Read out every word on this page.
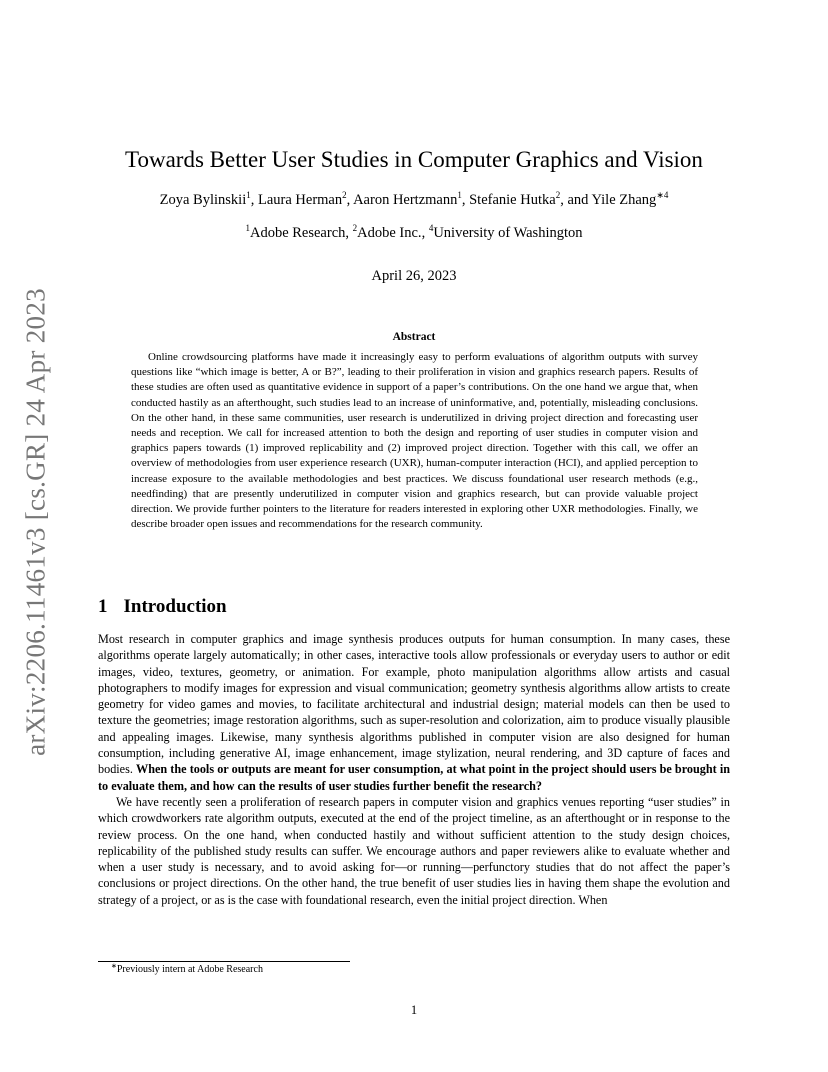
arXiv:2206.11461v3 [cs.GR] 24 Apr 2023
Towards Better User Studies in Computer Graphics and Vision
Zoya Bylinskii$^1$, Laura Herman$^2$, Aaron Hertzmann$^1$, Stefanie Hutka$^2$, and Yile Zhang$^{∗4}$
$^1$Adobe Research, $^2$Adobe Inc., $^4$University of Washington
April 26, 2023
Abstract

Online crowdsourcing platforms have made it increasingly easy to perform evaluations of algorithm outputs with survey questions like “which image is better, A or B?”, leading to their proliferation in vision and graphics research papers. Results of these studies are often used as quantitative evidence in support of a paper’s contributions. On the one hand we argue that, when conducted hastily as an afterthought, such studies lead to an increase of uninformative, and, potentially, misleading conclusions. On the other hand, in these same communities, user research is underutilized in driving project direction and forecasting user needs and reception. We call for increased attention to both the design and reporting of user studies in computer vision and graphics papers towards (1) improved replicability and (2) improved project direction. Together with this call, we offer an overview of methodologies from user experience research (UXR), human-computer interaction (HCI), and applied perception to increase exposure to the available methodologies and best practices. We discuss foundational user research methods (e.g., needfinding) that are presently underutilized in computer vision and graphics research, but can provide valuable project direction. We provide further pointers to the literature for readers interested in exploring other UXR methodologies. Finally, we describe broader open issues and recommendations for the research community.

1 Introduction

Most research in computer graphics and image synthesis produces outputs for human consumption. In many cases, these algorithms operate largely automatically; in other cases, interactive tools allow professionals or everyday users to author or edit images, video, textures, geometry, or animation. For example, photo manipulation algorithms allow artists and casual photographers to modify images for expression and visual communication; geometry synthesis algorithms allow artists to create geometry for video games and movies, to facilitate architectural and industrial design; material models can then be used to texture the geometries; image restoration algorithms, such as super-resolution and colorization, aim to produce visually plausible and appealing images. Likewise, many synthesis algorithms published in computer vision are also designed for human consumption, including generative AI, image enhancement, image stylization, neural rendering, and 3D capture of faces and bodies. When the tools or outputs are meant for user consumption, at what point in the project should users be brought in to evaluate them, and how can the results of user studies further benefit the research?

We have recently seen a proliferation of research papers in computer vision and graphics venues reporting “user studies” in which crowdworkers rate algorithm outputs, executed at the end of the project timeline, as an afterthought or in response to the review process. On the one hand, when conducted hastily and without sufficient attention to the study design choices, replicability of the published study results can suffer. We encourage authors and paper reviewers alike to evaluate whether and when a user study is necessary, and to avoid asking for—or running—perfunctory studies that do not affect the paper’s conclusions or project directions. On the other hand, the true benefit of user studies lies in having them shape the evolution and strategy of a project, or as is the case with foundational research, even the initial project direction. When

∗Previously intern at Adobe Research
1
